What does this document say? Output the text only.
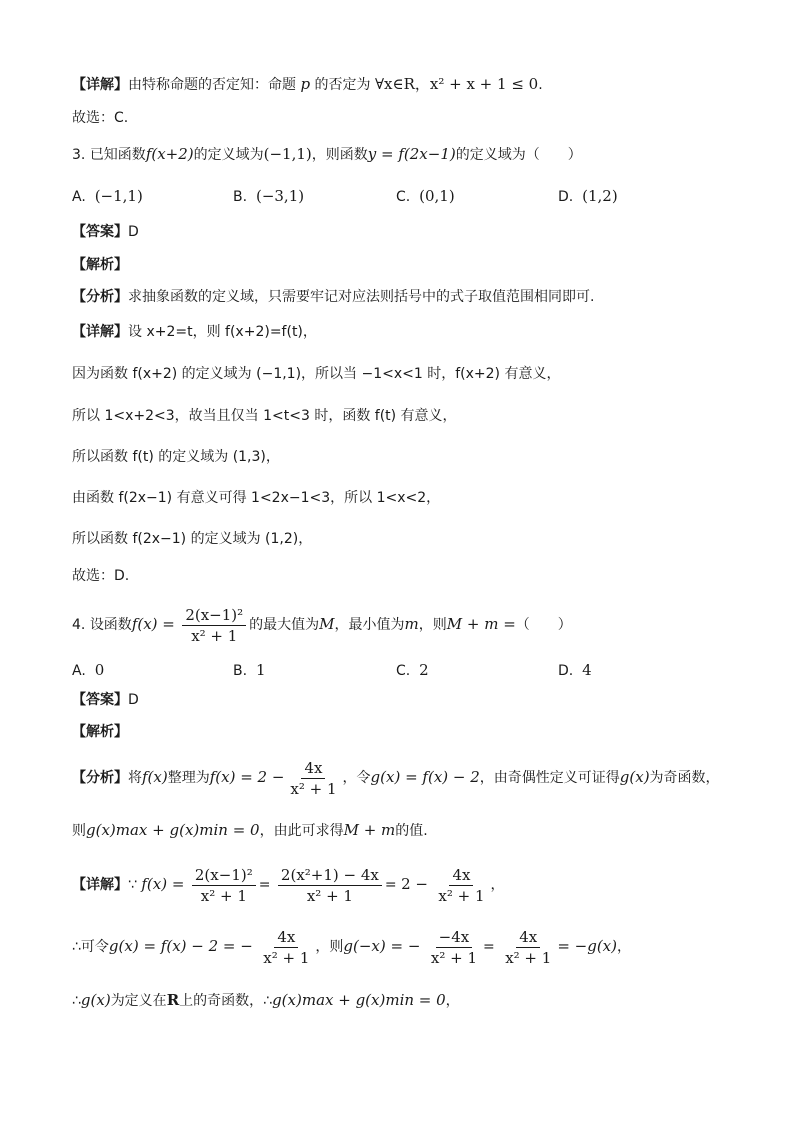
【详解】由特称命题的否定知：命题 p 的否定为 ∀x∈R，x² + x + 1 ≤ 0.
故选：C.
3. 已知函数f(x+2)的定义域为(−1,1)，则函数y = f(2x−1)的定义域为（　　）
A. (−1,1)	B. (−3,1)	C. (0,1)	D. (1,2)
【答案】D
【解析】
【分析】求抽象函数的定义域，只需要牢记对应法则括号中的式子取值范围相同即可.
【详解】设 x+2=t，则 f(x+2)=f(t)，
因为函数 f(x+2) 的定义域为 (−1,1)，所以当 −1<x<1 时，f(x+2) 有意义，
所以 1<x+2<3，故当且仅当 1<t<3 时，函数 f(t) 有意义，
所以函数 f(t) 的定义域为 (1,3)，
由函数 f(2x−1) 有意义可得 1<2x−1<3，所以 1<x<2，
所以函数 f(2x−1) 的定义域为 (1,2)，
故选：D.
4. 设函数$f(x) = \frac{\text{2(x−1)²}}{\text{x² + 1}}$ 的最大值为M，最小值为m，则M + m =（　　）
A. 0	B. 1	C. 2	D. 4
【答案】D
【解析】
【分析】将f(x)整理为$f(x) = 2 - \frac{4x}{\text{x² + 1}}$ ，令g(x) = f(x) − 2，由奇偶性定义可证得g(x)为奇函数，
则g(x)max + g(x)min = 0，由此可求得M + m的值.
【详解】∵ $f(x) = \frac{\text{2(x−1)²}}{\text{x² + 1}} = \frac{\text{2(x²+1) − 4x}}{\text{x² + 1}} = 2 - \frac{4x}{\text{x² + 1}}$ ，
∴可令g(x) = f(x) − 2 = − $\frac{4x}{\text{x² + 1}}$ ，则g(−x) = − $\frac{-4x}{\text{x² + 1}} = \frac{4x}{\text{x² + 1}} = -g(x)$，
∴g(x)为定义在R上的奇函数，∴g(x)max + g(x)min = 0，
